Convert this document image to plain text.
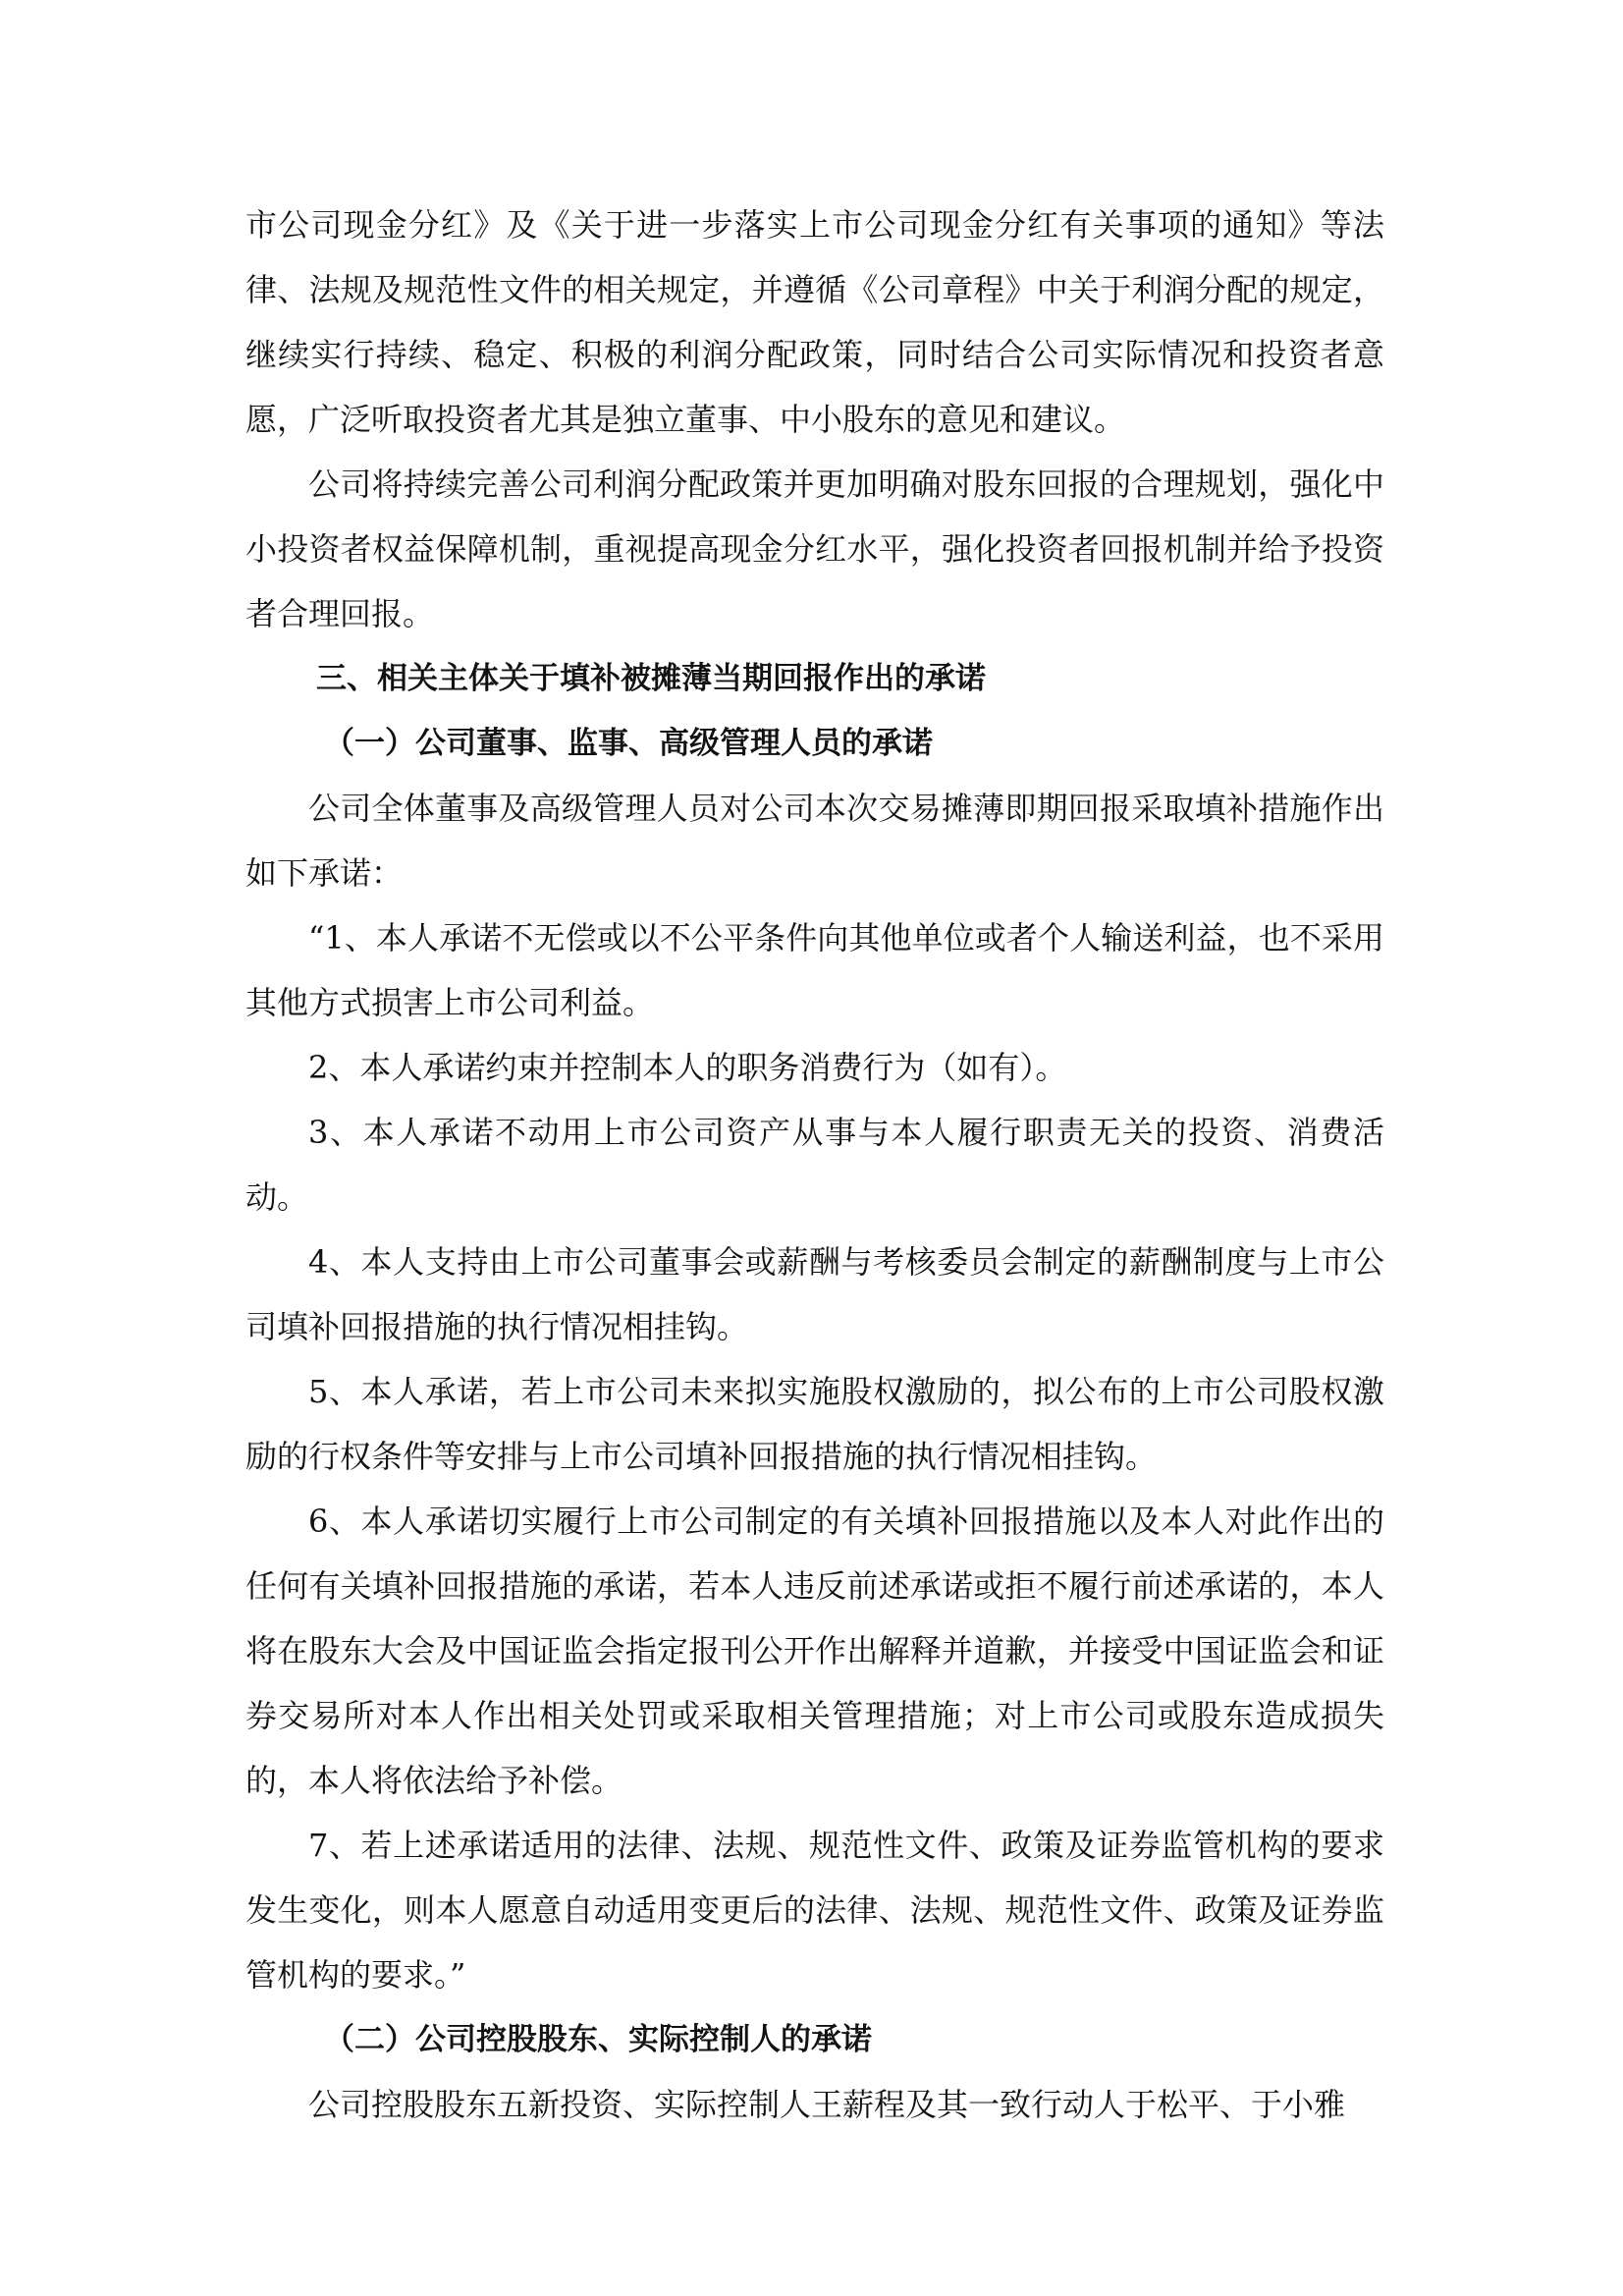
市公司现金分红》及《关于进一步落实上市公司现金分红有关事项的通知》等法律、法规及规范性文件的相关规定，并遵循《公司章程》中关于利润分配的规定，继续实行持续、稳定、积极的利润分配政策，同时结合公司实际情况和投资者意愿，广泛听取投资者尤其是独立董事、中小股东的意见和建议。

公司将持续完善公司利润分配政策并更加明确对股东回报的合理规划，强化中小投资者权益保障机制，重视提高现金分红水平，强化投资者回报机制并给予投资者合理回报。

三、相关主体关于填补被摊薄当期回报作出的承诺

（一）公司董事、监事、高级管理人员的承诺

公司全体董事及高级管理人员对公司本次交易摊薄即期回报采取填补措施作出如下承诺：

“1、本人承诺不无偿或以不公平条件向其他单位或者个人输送利益，也不采用其他方式损害上市公司利益。

2、本人承诺约束并控制本人的职务消费行为（如有）。

3、本人承诺不动用上市公司资产从事与本人履行职责无关的投资、消费活动。

4、本人支持由上市公司董事会或薪酬与考核委员会制定的薪酬制度与上市公司填补回报措施的执行情况相挂钩。

5、本人承诺，若上市公司未来拟实施股权激励的，拟公布的上市公司股权激励的行权条件等安排与上市公司填补回报措施的执行情况相挂钩。

6、本人承诺切实履行上市公司制定的有关填补回报措施以及本人对此作出的任何有关填补回报措施的承诺，若本人违反前述承诺或拒不履行前述承诺的，本人将在股东大会及中国证监会指定报刊公开作出解释并道歉，并接受中国证监会和证券交易所对本人作出相关处罚或采取相关管理措施；对上市公司或股东造成损失的，本人将依法给予补偿。

7、若上述承诺适用的法律、法规、规范性文件、政策及证券监管机构的要求发生变化，则本人愿意自动适用变更后的法律、法规、规范性文件、政策及证券监管机构的要求。”

（二）公司控股股东、实际控制人的承诺

公司控股股东五新投资、实际控制人王薪程及其一致行动人于松平、于小雅
